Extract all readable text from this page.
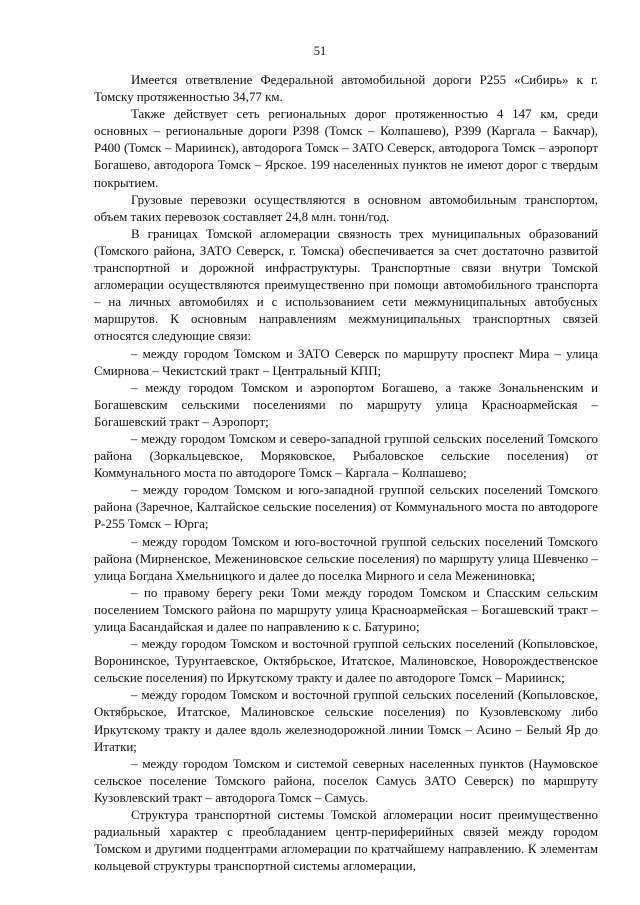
51

Имеется ответвление Федеральной автомобильной дороги Р255 «Сибирь» к г. Томску протяженностью 34,77 км.

Также действует сеть региональных дорог протяженностью 4 147 км, среди основных – региональные дороги Р398 (Томск – Колпашево), Р399 (Каргала – Бакчар), Р400 (Томск – Мариинск), автодорога Томск – ЗАТО Северск, автодорога Томск – аэропорт Богашево, автодорога Томск – Ярское. 199 населенных пунктов не имеют дорог с твердым покрытием.

Грузовые перевозки осуществляются в основном автомобильным транспортом, объем таких перевозок составляет 24,8 млн. тонн/год.

В границах Томской агломерации связность трех муниципальных образований (Томского района, ЗАТО Северск, г. Томска) обеспечивается за счет достаточно развитой транспортной и дорожной инфраструктуры. Транспортные связи внутри Томской агломерации осуществляются преимущественно при помощи автомобильного транспорта – на личных автомобилях и с использованием сети межмуниципальных автобусных маршрутов. К основным направлениям межмуниципальных транспортных связей относятся следующие связи:

– между городом Томском и ЗАТО Северск по маршруту проспект Мира – улица Смирнова – Чекистский тракт – Центральный КПП;

– между городом Томском и аэропортом Богашево, а также Зональненским и Богашевским сельскими поселениями по маршруту улица Красноармейская – Богашевский тракт – Аэропорт;

– между городом Томском и северо-западной группой сельских поселений Томского района (Зоркальцевское, Моряковское, Рыбаловское сельские поселения) от Коммунального моста по автодороге Томск – Каргала – Колпашево;

– между городом Томском и юго-западной группой сельских поселений Томского района (Заречное, Калтайское сельские поселения) от Коммунального моста по автодороге Р-255 Томск – Юрга;

– между городом Томском и юго-восточной группой сельских поселений Томского района (Мирненское, Межениновское сельские поселения) по маршруту улица Шевченко – улица Богдана Хмельницкого и далее до поселка Мирного и села Межениновка;

– по правому берегу реки Томи между городом Томском и Спасским сельским поселением Томского района по маршруту улица Красноармейская – Богашевский тракт – улица Басандайская и далее по направлению к с. Батурино;

– между городом Томском и восточной группой сельских поселений (Копыловское, Воронинское, Турунтаевское, Октябрьское, Итатское, Малиновское, Новорождественское сельские поселения) по Иркутскому тракту и далее по автодороге Томск – Мариинск;

– между городом Томском и восточной группой сельских поселений (Копыловское, Октябрьское, Итатское, Малиновское сельские поселения) по Кузовлевскому либо Иркутскому тракту и далее вдоль железнодорожной линии Томск – Асино – Белый Яр до Итатки;

– между городом Томском и системой северных населенных пунктов (Наумовское сельское поселение Томского района, поселок Самусь ЗАТО Северск) по маршруту Кузовлевский тракт – автодорога Томск – Самусь.

Структура транспортной системы Томской агломерации носит преимущественно радиальный характер с преобладанием центр-периферийных связей между городом Томском и другими подцентрами агломерации по кратчайшему направлению. К элементам кольцевой структуры транспортной системы агломерации,
